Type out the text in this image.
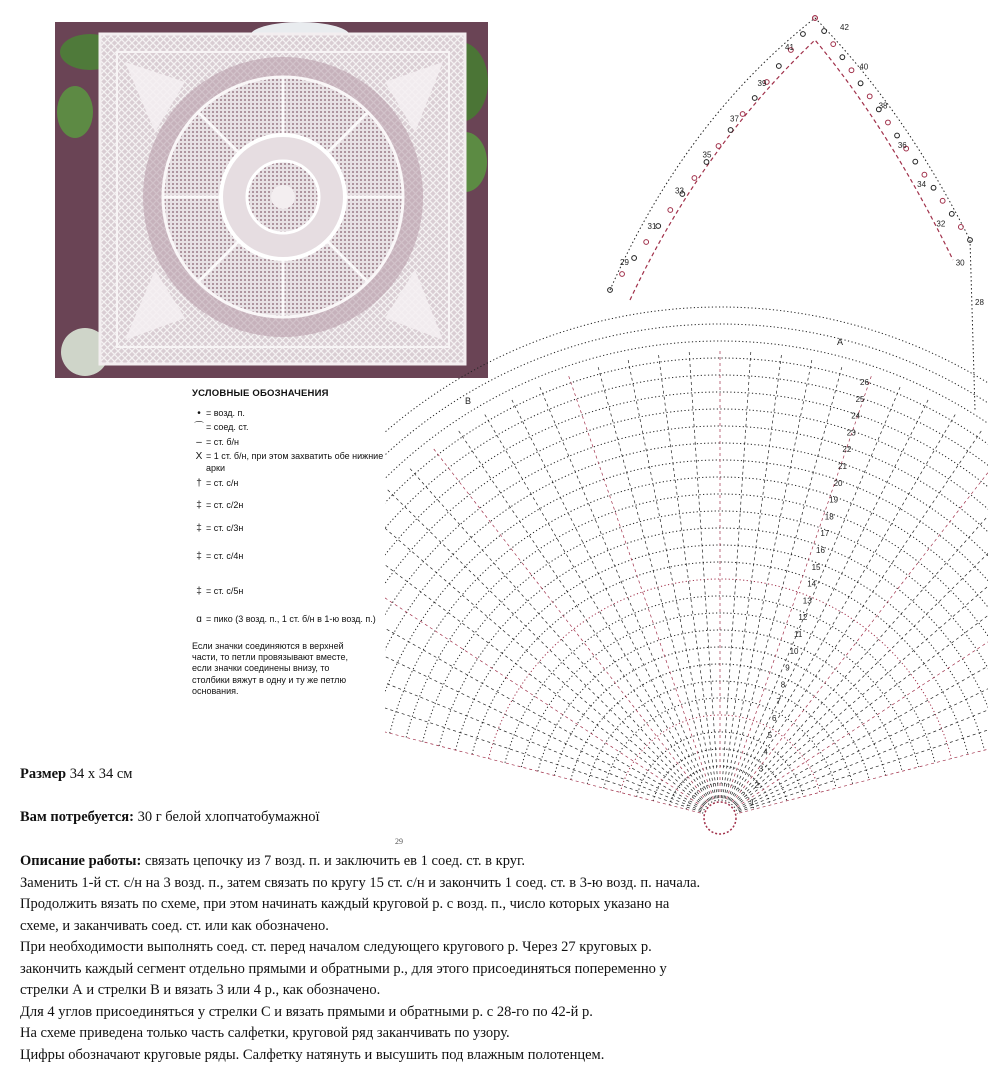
УСЛОВНЫЕ ОБОЗНАЧЕНИЯ
• = возд. п.
⌒ = соед. ст.
‒ = ст. б/н
X = 1 ст. б/н, при этом захватить обе нижние арки
† = ст. с/н
‡ = ст. с/2н
‡ = ст. с/3н
‡ = ст. с/4н
‡ = ст. с/5н
ɑ = пико (3 возд. п., 1 ст. б/н в 1-ю возд. п.)
Если значки соединяются в верхней части, то петли провязывают вместе, если значки соединены внизу, то столбики вяжут в одну и ту же петлю основания.
42
40
38
36
34
32
30
28
26
25
24
23
22
21
20
19
18
17
16
15
14
13
12
11
10
9
8
7
6
5
4
3
2
1
41
39
37
35
33
31
29
A
B
29
Размер 34 х 34 см
Вам потребуется: 30 г белой хлопчатобумажної
Описание работы: связать цепочку из 7 возд. п. и заключить ев 1 соед. ст. в круг.
Заменить 1-й ст. с/н на 3 возд. п., затем связать по кругу 15 ст. с/н и закончить 1 соед. ст. в 3-ю возд. п. начала.
Продолжить вязать по схеме, при этом начинать каждый круговой р. с возд. п., число которых указано на
схеме, и заканчивать соед. ст. или как обозначено.
При необходимости выполнять соед. ст. перед началом следующего кругового р. Через 27 круговых р.
закончить каждый сегмент отдельно прямыми и обратными р., для этого присоединяться попеременно у
стрелки А и стрелки В и вязать 3 или 4 р., как обозначено.
Для 4 углов присоединяться у стрелки С и вязать прямыми и обратными р. с 28-го по 42-й р.
На схеме приведена только часть салфетки, круговой ряд заканчивать по узору.
Цифры обозначают круговые ряды. Салфетку натянуть и высушить под влажным полотенцем.
